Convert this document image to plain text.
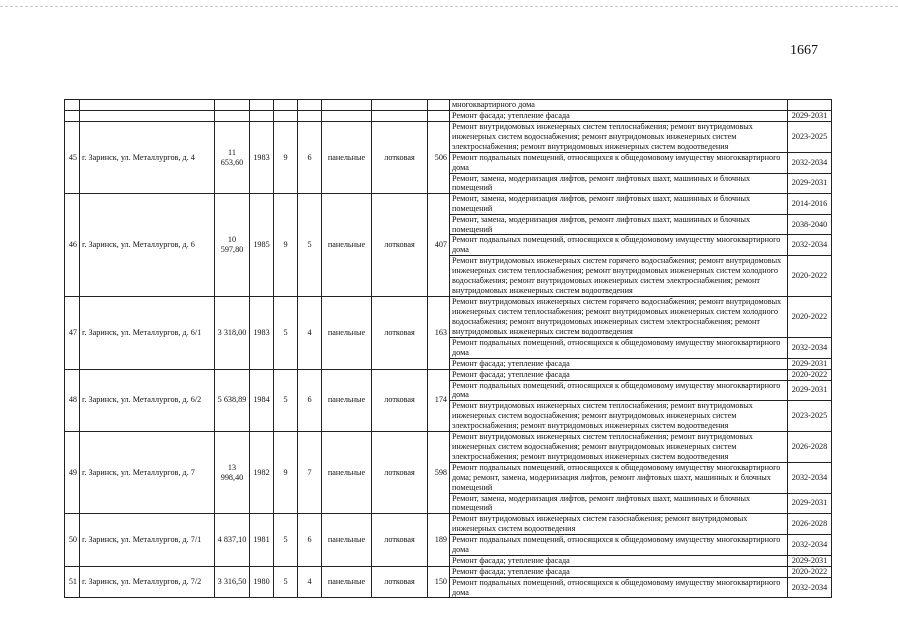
1667
									многоквартирного дома	
									Ремонт фасада; утепление фасада	2029-2031
45	г. Заринск, ул. Металлургов, д. 4	11 653,60	1983	9	6	панельные	лотковая	506	Ремонт внутридомовых инженерных систем теплоснабжения; ремонт внутридомовых инженерных систем водоснабжения; ремонт внутридомовых инженерных систем электроснабжения; ремонт внутридомовых инженерных систем водоотведения	2023-2025
									Ремонт подвальных помещений, относящихся к общедомовому имуществу многоквартирного дома	2032-2034
									Ремонт, замена, модернизация лифтов, ремонт лифтовых шахт, машинных и блочных помещений	2029-2031
46	г. Заринск, ул. Металлургов, д. 6	10 597,80	1985	9	5	панельные	лотковая	407	Ремонт, замена, модернизация лифтов, ремонт лифтовых шахт, машинных и блочных помещений	2014-2016
									Ремонт, замена, модернизация лифтов, ремонт лифтовых шахт, машинных и блочных помещений	2038-2040
									Ремонт подвальных помещений, относящихся к общедомовому имуществу многоквартирного дома	2032-2034
									Ремонт внутридомовых инженерных систем горячего водоснабжения; ремонт внутридомовых инженерных систем теплоснабжения; ремонт внутридомовых инженерных систем холодного водоснабжения; ремонт внутридомовых инженерных систем электроснабжения; ремонт внутридомовых инженерных систем водоотведения	2020-2022
47	г. Заринск, ул. Металлургов, д. 6/1	3 318,00	1983	5	4	панельные	лотковая	163	Ремонт внутридомовых инженерных систем горячего водоснабжения; ремонт внутридомовых инженерных систем теплоснабжения; ремонт внутридомовых инженерных систем холодного водоснабжения; ремонт внутридомовых инженерных систем электроснабжения; ремонт внутридомовых инженерных систем водоотведения	2020-2022
									Ремонт подвальных помещений, относящихся к общедомовому имуществу многоквартирного дома	2032-2034
									Ремонт фасада; утепление фасада	2029-2031
48	г. Заринск, ул. Металлургов, д. 6/2	5 638,89	1984	5	6	панельные	лотковая	174	Ремонт фасада; утепление фасада	2020-2022
									Ремонт подвальных помещений, относящихся к общедомовому имуществу многоквартирного дома	2029-2031
									Ремонт внутридомовых инженерных систем теплоснабжения; ремонт внутридомовых инженерных систем водоснабжения; ремонт внутридомовых инженерных систем электроснабжения; ремонт внутридомовых инженерных систем водоотведения	2023-2025
49	г. Заринск, ул. Металлургов, д. 7	13 998,40	1982	9	7	панельные	лотковая	598	Ремонт внутридомовых инженерных систем теплоснабжения; ремонт внутридомовых инженерных систем водоснабжения; ремонт внутридомовых инженерных систем электроснабжения; ремонт внутридомовых инженерных систем водоотведения	2026-2028
									Ремонт подвальных помещений, относящихся к общедомовому имуществу многоквартирного дома; ремонт, замена, модернизация лифтов, ремонт лифтовых шахт, машинных и блочных помещений	2032-2034
									Ремонт, замена, модернизация лифтов, ремонт лифтовых шахт, машинных и блочных помещений	2029-2031
50	г. Заринск, ул. Металлургов, д. 7/1	4 837,10	1981	5	6	панельные	лотковая	189	Ремонт внутридомовых инженерных систем газоснабжения; ремонт внутридомовых инженерных систем водоотведения	2026-2028
									Ремонт подвальных помещений, относящихся к общедомовому имуществу многоквартирного дома	2032-2034
									Ремонт фасада; утепление фасада	2029-2031
51	г. Заринск, ул. Металлургов, д. 7/2	3 316,50	1980	5	4	панельные	лотковая	150	Ремонт фасада; утепление фасада	2020-2022
									Ремонт подвальных помещений, относящихся к общедомовому имуществу многоквартирного дома	2032-2034
